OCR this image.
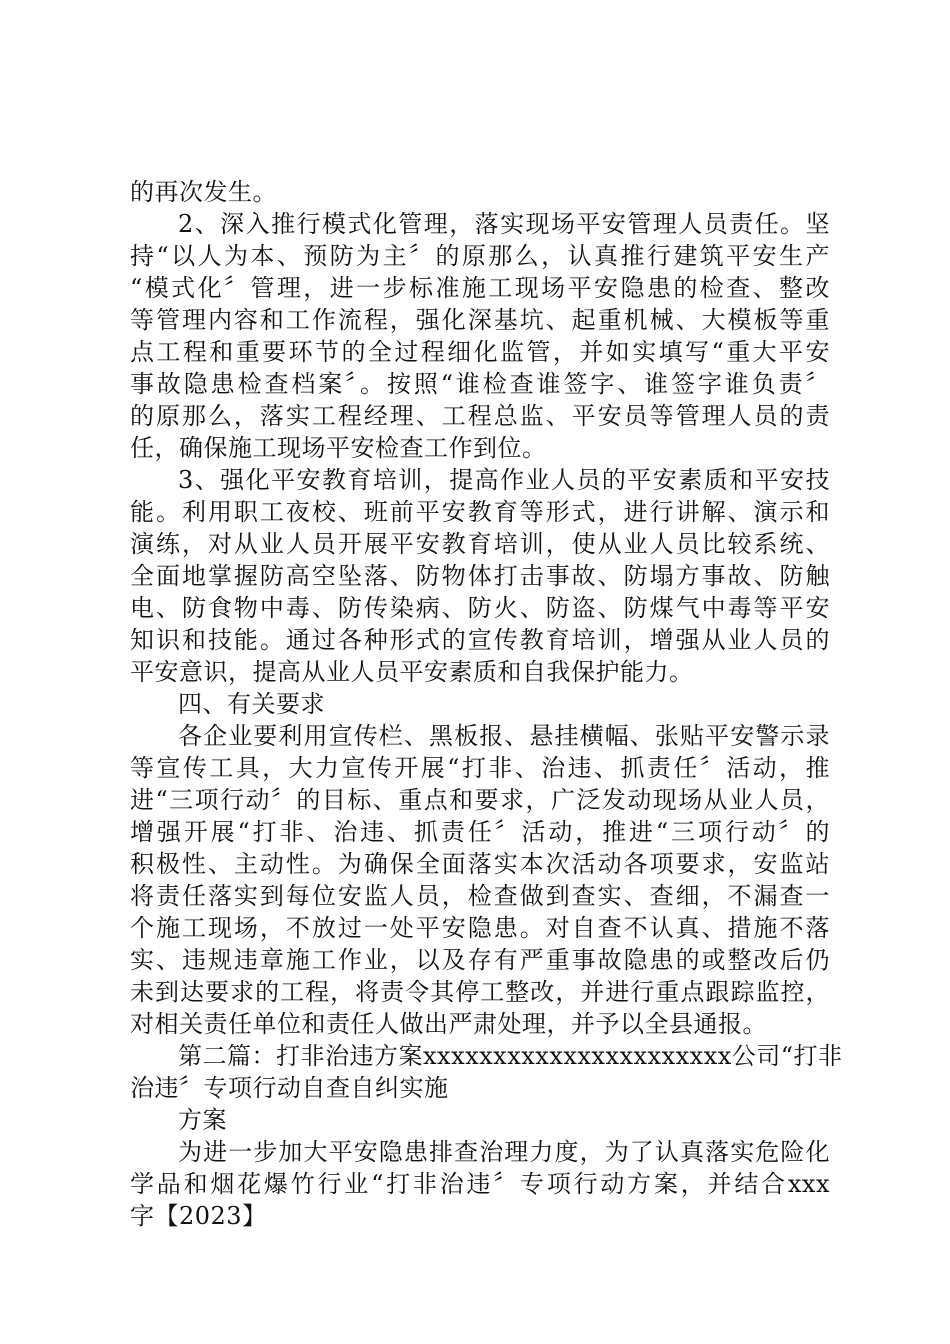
的再次发生。
2、深入推行模式化管理，落实现场平安管理人员责任。坚
持“以人为本、预防为主〞的原那么，认真推行建筑平安生产
“模式化〞管理，进一步标准施工现场平安隐患的检查、整改
等管理内容和工作流程，强化深基坑、起重机械、大模板等重
点工程和重要环节的全过程细化监管，并如实填写“重大平安
事故隐患检查档案〞。按照“谁检查谁签字、谁签字谁负责〞
的原那么，落实工程经理、工程总监、平安员等管理人员的责
任，确保施工现场平安检查工作到位。
3、强化平安教育培训，提高作业人员的平安素质和平安技
能。利用职工夜校、班前平安教育等形式，进行讲解、演示和
演练，对从业人员开展平安教育培训，使从业人员比较系统、
全面地掌握防高空坠落、防物体打击事故、防塌方事故、防触
电、防食物中毒、防传染病、防火、防盗、防煤气中毒等平安
知识和技能。通过各种形式的宣传教育培训，增强从业人员的
平安意识，提高从业人员平安素质和自我保护能力。
四、有关要求
各企业要利用宣传栏、黑板报、悬挂横幅、张贴平安警示录
等宣传工具，大力宣传开展“打非、治违、抓责任〞活动，推
进“三项行动〞的目标、重点和要求，广泛发动现场从业人员，
增强开展“打非、治违、抓责任〞活动，推进“三项行动〞的
积极性、主动性。为确保全面落实本次活动各项要求，安监站
将责任落实到每位安监人员，检查做到查实、查细，不漏查一
个施工现场，不放过一处平安隐患。对自查不认真、措施不落
实、违规违章施工作业，以及存有严重事故隐患的或整改后仍
未到达要求的工程，将责令其停工整改，并进行重点跟踪监控，
对相关责任单位和责任人做出严肃处理，并予以全县通报。
第二篇：打非治违方案xxxxxxxxxxxxxxxxxxxxxx公司“打非
治违〞专项行动自查自纠实施
方案
为进一步加大平安隐患排查治理力度，为了认真落实危险化
学品和烟花爆竹行业“打非治违〞专项行动方案，并结合xxx
字【2023】
